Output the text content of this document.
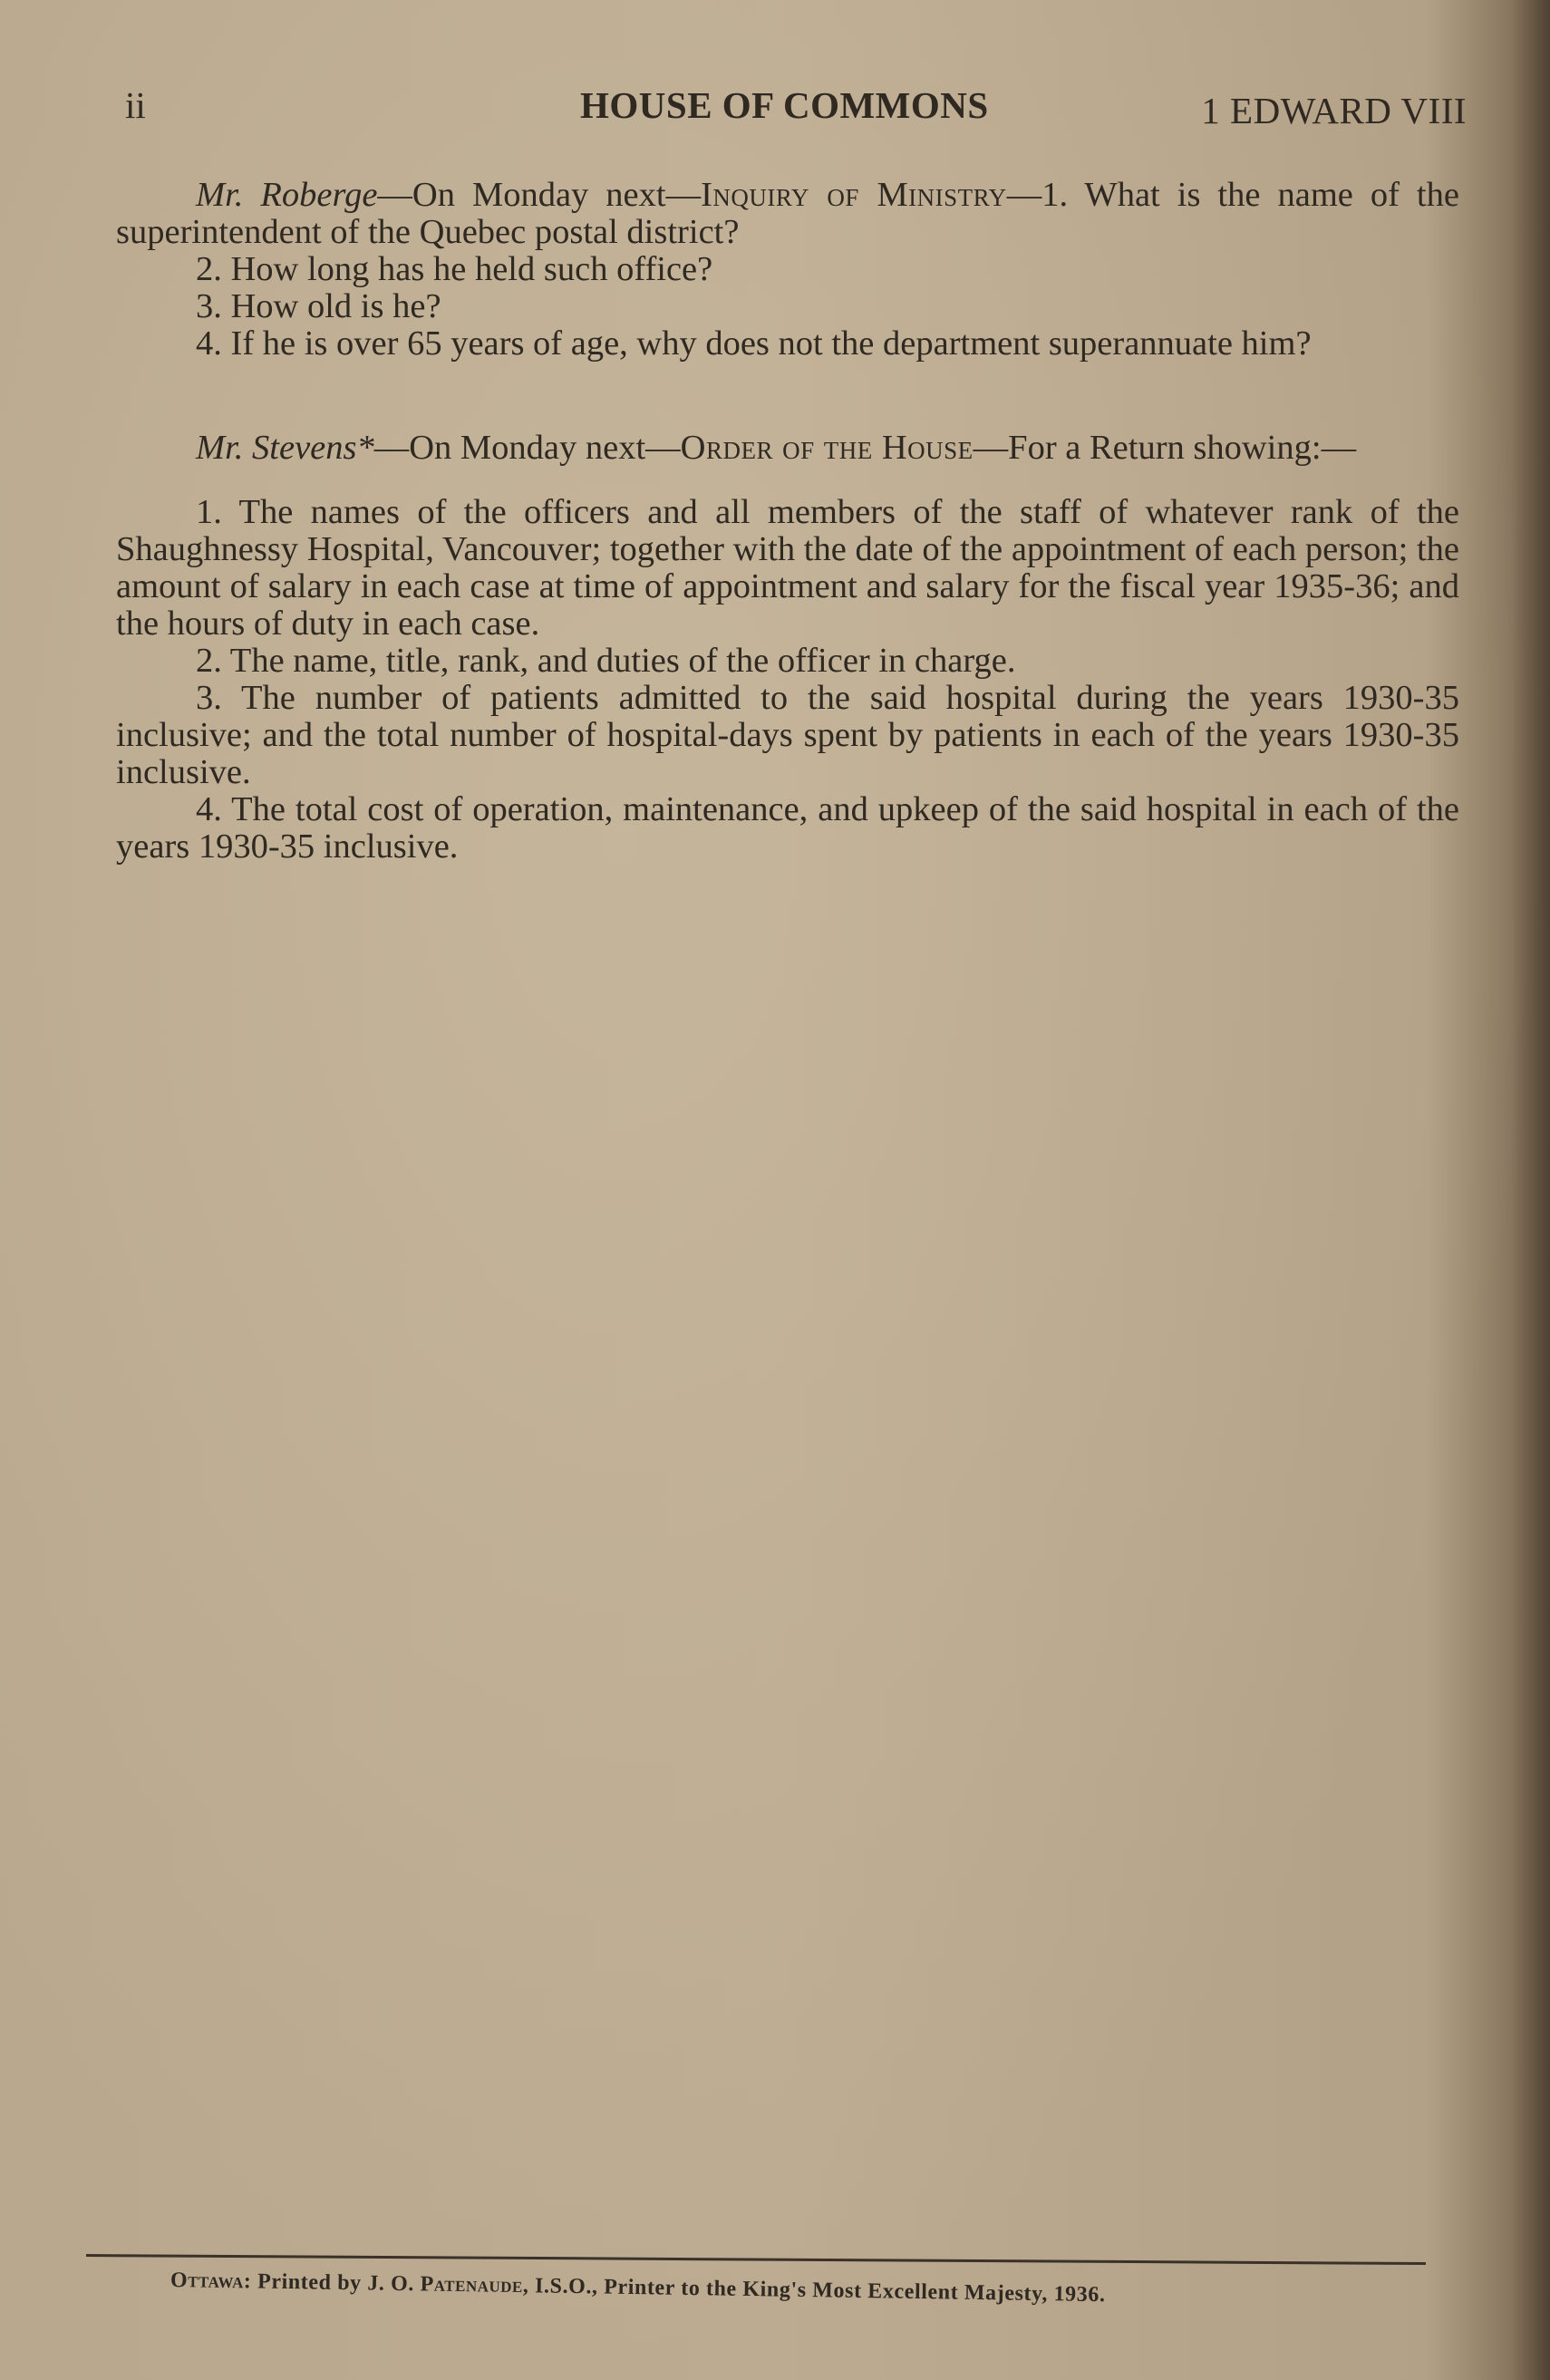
ii	HOUSE OF COMMONS	1 EDWARD VIII

Mr. Roberge—On Monday next—Inquiry of Ministry—1. What is the name of the superintendent of the Quebec postal district?

2. How long has he held such office?

3. How old is he?

4. If he is over 65 years of age, why does not the department superannuate him?

Mr. Stevens*—On Monday next—Order of the House—For a Return showing:—

1. The names of the officers and all members of the staff of whatever rank of the Shaughnessy Hospital, Vancouver; together with the date of the appointment of each person; the amount of salary in each case at time of appointment and salary for the fiscal year 1935-36; and the hours of duty in each case.

2. The name, title, rank, and duties of the officer in charge.

3. The number of patients admitted to the said hospital during the years 1930-35 inclusive; and the total number of hospital-days spent by patients in each of the years 1930-35 inclusive.

4. The total cost of operation, maintenance, and upkeep of the said hospital in each of the years 1930-35 inclusive.

Ottawa: Printed by J. O. Patenaude, I.S.O., Printer to the King's Most Excellent Majesty, 1936.
